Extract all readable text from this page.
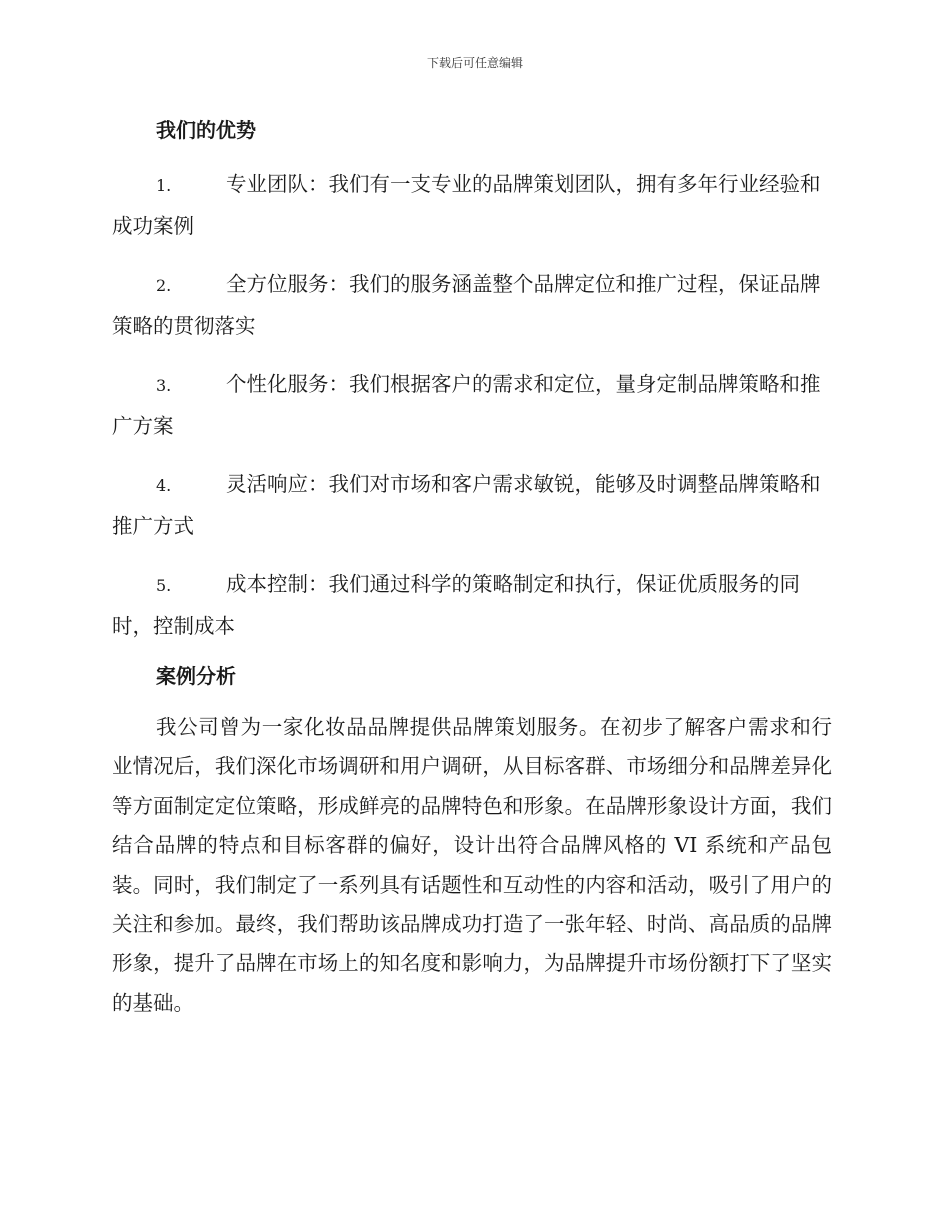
下载后可任意编辑
我们的优势
1.	专业团队：我们有一支专业的品牌策划团队，拥有多年行业经验和成功案例
2.	全方位服务：我们的服务涵盖整个品牌定位和推广过程，保证品牌策略的贯彻落实
3.	个性化服务：我们根据客户的需求和定位，量身定制品牌策略和推广方案
4.	灵活响应：我们对市场和客户需求敏锐，能够及时调整品牌策略和推广方式
5.	成本控制：我们通过科学的策略制定和执行，保证优质服务的同时，控制成本
案例分析

我公司曾为一家化妆品品牌提供品牌策划服务。在初步了解客户需求和行业情况后，我们深化市场调研和用户调研，从目标客群、市场细分和品牌差异化等方面制定定位策略，形成鲜亮的品牌特色和形象。在品牌形象设计方面，我们结合品牌的特点和目标客群的偏好，设计出符合品牌风格的 VI 系统和产品包装。同时，我们制定了一系列具有话题性和互动性的内容和活动，吸引了用户的关注和参加。最终，我们帮助该品牌成功打造了一张年轻、时尚、高品质的品牌形象，提升了品牌在市场上的知名度和影响力，为品牌提升市场份额打下了坚实的基础。
